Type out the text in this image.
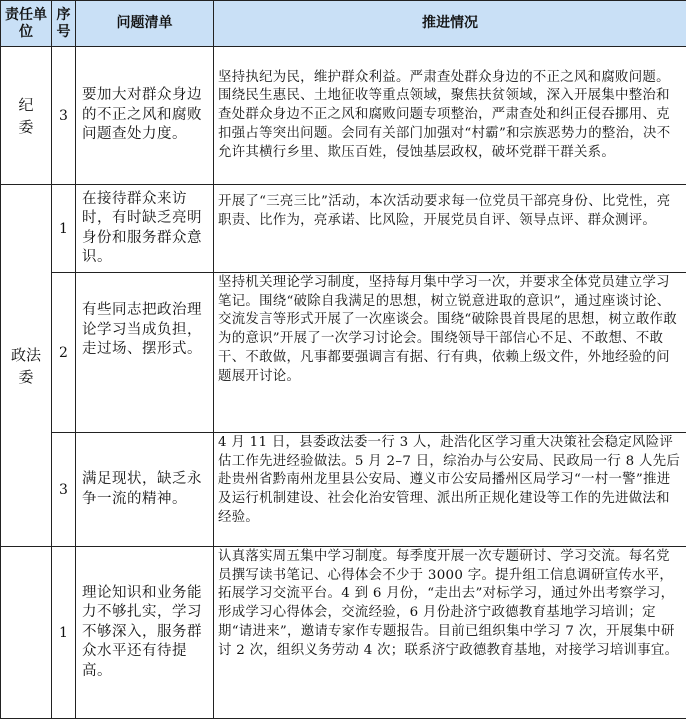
责任单位	序号	问题清单	推进情况
纪委	3	要加大对群众身边的不正之风和腐败问题查处力度。	坚持执纪为民，维护群众利益。严肃查处群众身边的不正之风和腐败问题。围绕民生惠民、土地征收等重点领域，聚焦扶贫领域，深入开展集中整治和查处群众身边不正之风和腐败问题专项整治，严肃查处和纠正侵吞挪用、克扣强占等突出问题。会同有关部门加强对“村霸”和宗族恶势力的整治，决不允许其横行乡里、欺压百姓，侵蚀基层政权，破坏党群干群关系。
政法委	1	在接待群众来访时，有时缺乏亮明身份和服务群众意识。	开展了“三亮三比”活动，本次活动要求每一位党员干部亮身份、比党性，亮职责、比作为，亮承诺、比风险，开展党员自评、领导点评、群众测评。
	2	有些同志把政治理论学习当成负担，走过场、摆形式。	坚持机关理论学习制度，坚持每月集中学习一次，并要求全体党员建立学习笔记。围绕“破除自我满足的思想，树立锐意进取的意识”，通过座谈讨论、交流发言等形式开展了一次座谈会。围绕“破除畏首畏尾的思想，树立敢作敢为的意识”开展了一次学习讨论会。围绕领导干部信心不足、不敢想、不敢干、不敢做，凡事都要强调言有据、行有典，依赖上级文件，外地经验的问题展开讨论。
	3	满足现状，缺乏永争一流的精神。	4 月 11 日，县委政法委一行 3 人，赴浩化区学习重大决策社会稳定风险评估工作先进经验做法。5 月 2–7 日，综治办与公安局、民政局一行 8 人先后赴贵州省黔南州龙里县公安局、遵义市公安局播州区局学习“一村一警”推进及运行机制建设、社会化治安管理、派出所正规化建设等工作的先进做法和经验。
	1	理论知识和业务能力不够扎实，学习不够深入，服务群众水平还有待提高。	认真落实周五集中学习制度。每季度开展一次专题研讨、学习交流。每名党员撰写读书笔记、心得体会不少于 3000 字。提升组工信息调研宣传水平，拓展学习交流平台。4 到 6 月份，“走出去”对标学习，通过外出考察学习，形成学习心得体会，交流经验，6 月份赴济宁政德教育基地学习培训；定期“请进来”，邀请专家作专题报告。目前已组织集中学习 7 次，开展集中研讨 2 次，组织义务劳动 4 次；联系济宁政德教育基地，对接学习培训事宜。
